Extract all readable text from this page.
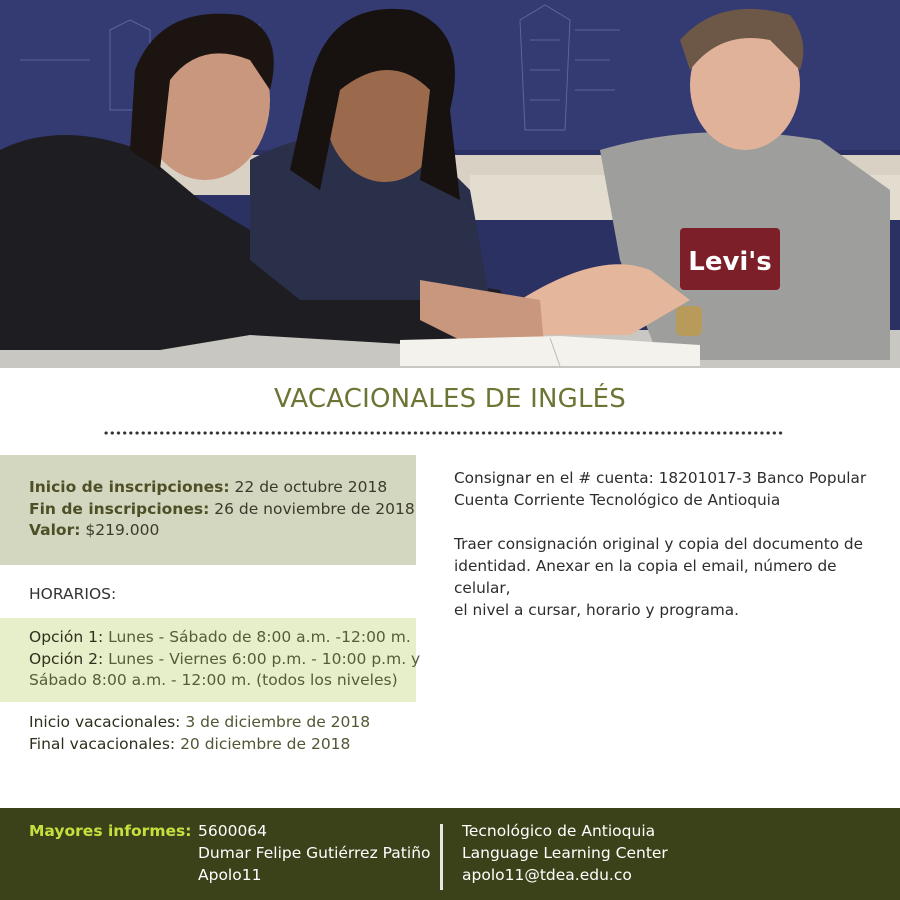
Levi's
VACACIONALES DE INGLÉS
Inicio de inscripciones: 22 de octubre 2018
Fin de inscripciones: 26 de noviembre de 2018
Valor: $219.000
HORARIOS:
Opción 1: Lunes - Sábado de 8:00 a.m. -12:00 m.
Opción 2: Lunes - Viernes 6:00 p.m. - 10:00 p.m. y
Sábado 8:00 a.m. - 12:00 m. (todos los niveles)
Inicio vacacionales: 3 de diciembre de 2018
Final vacacionales: 20 diciembre de 2018

Consignar en el # cuenta: 18201017-3 Banco Popular
Cuenta Corriente Tecnológico de Antioquia

Traer consignación original y copia del documento de
identidad. Anexar en la copia el email, número de celular,
el nivel a cursar, horario y programa.

Mayores informes: 5600064
Dumar Felipe Gutiérrez Patiño
Apolo11
Tecnológico de Antioquia
Language Learning Center
apolo11@tdea.edu.co
